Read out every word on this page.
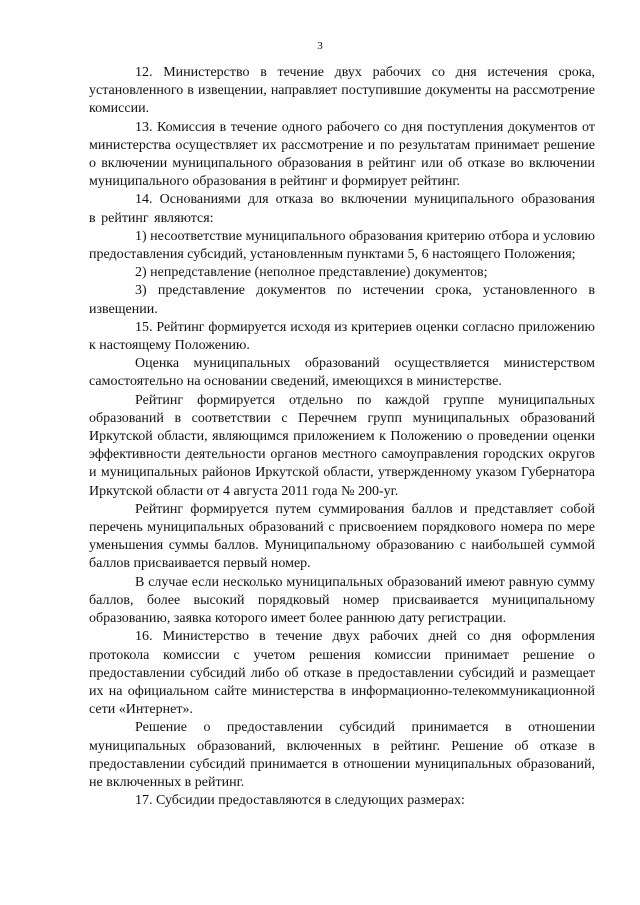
3

12. Министерство в течение двух рабочих со дня истечения срока, установленного в извещении, направляет поступившие документы на рассмотрение комиссии.

13. Комиссия в течение одного рабочего со дня поступления документов от министерства осуществляет их рассмотрение и по результатам принимает решение о включении муниципального образования в рейтинг или об отказе во включении муниципального образования в рейтинг и формирует рейтинг.

14. Основаниями для отказа во включении муниципального образования в рейтинг являются:

1) несоответствие муниципального образования критерию отбора и условию предоставления субсидий, установленным пунктами 5, 6 настоящего Положения;

2) непредставление (неполное представление) документов;

3) представление документов по истечении срока, установленного в извещении.

15. Рейтинг формируется исходя из критериев оценки согласно приложению к настоящему Положению.

Оценка муниципальных образований осуществляется министерством самостоятельно на основании сведений, имеющихся в министерстве.

Рейтинг формируется отдельно по каждой группе муниципальных образований в соответствии с Перечнем групп муниципальных образований Иркутской области, являющимся приложением к Положению о проведении оценки эффективности деятельности органов местного самоуправления городских округов и муниципальных районов Иркутской области, утвержденному указом Губернатора Иркутской области от 4 августа 2011 года № 200-уг.

Рейтинг формируется путем суммирования баллов и представляет собой перечень муниципальных образований с присвоением порядкового номера по мере уменьшения суммы баллов. Муниципальному образованию с наибольшей суммой баллов присваивается первый номер.

В случае если несколько муниципальных образований имеют равную сумму баллов, более высокий порядковый номер присваивается муниципальному образованию, заявка которого имеет более раннюю дату регистрации.

16. Министерство в течение двух рабочих дней со дня оформления протокола комиссии с учетом решения комиссии принимает решение о предоставлении субсидий либо об отказе в предоставлении субсидий и размещает их на официальном сайте министерства в информационно-телекоммуникационной сети «Интернет».

Решение о предоставлении субсидий принимается в отношении муниципальных образований, включенных в рейтинг. Решение об отказе в предоставлении субсидий принимается в отношении муниципальных образований, не включенных в рейтинг.

17. Субсидии предоставляются в следующих размерах:
